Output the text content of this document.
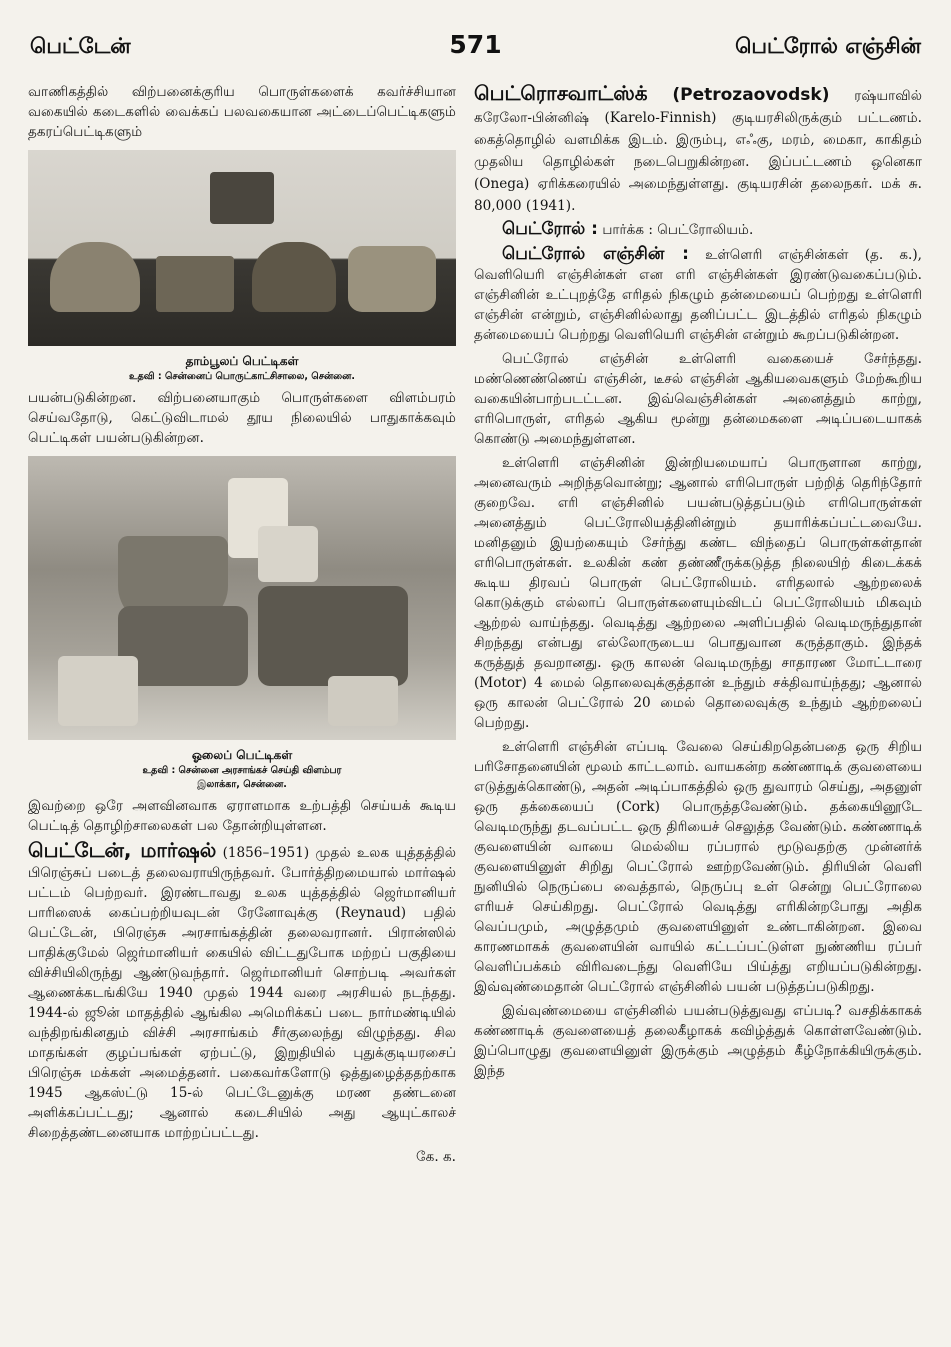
571
பெட்டேன்	பெட்ரோல் எஞ்சின்

வாணிகத்தில் விற்பனைக்குரிய பொருள்களைக் கவர்ச்சியான வகையில் கடைகளில் வைக்கப் பலவகையான அட்டைப்பெட்டிகளும் தகரப்பெட்டிகளும்

தாம்பூலப் பெட்டிகள்
உதவி : சென்னைப் பொருட்காட்சிசாலை, சென்னை.

பயன்படுகின்றன. விற்பனையாகும் பொருள்களை விளம்பரம் செய்வதோடு, கெட்டுவிடாமல் தூய நிலையில் பாதுகாக்கவும் பெட்டிகள் பயன்படுகின்றன.

ஓலைப் பெட்டிகள்
உதவி : சென்னை அரசாங்கச் செய்தி விளம்பர
இலாக்கா, சென்னை.

இவற்றை ஒரே அளவினவாக ஏராளமாக உற்பத்தி செய்யக் கூடிய பெட்டித் தொழிற்சாலைகள் பல தோன்றியுள்ளன.

பெட்டேன், மார்ஷல் (1856–1951) முதல் உலக யுத்தத்தில் பிரெஞ்சுப் படைத் தலைவராயிருந்தவர். போர்த்திறமையால் மார்ஷல் பட்டம் பெற்றவர். இரண்டாவது உலக யுத்தத்தில் ஜெர்மானியர் பாரிஸைக் கைப்பற்றியவுடன் ரேனோவுக்கு (Reynaud) பதில் பெட்டேன், பிரெஞ்சு அரசாங்கத்தின் தலைவரானர். பிரான்ஸில் பாதிக்குமேல் ஜெர்மானியர் கையில் விட்டதுபோக மற்றப் பகுதியை விச்சியிலிருந்து ஆண்டுவந்தார். ஜெர்மானியர் சொற்படி அவர்கள் ஆணைக்கடங்கியே 1940 முதல் 1944 வரை அரசியல் நடந்தது. 1944-ல் ஜூன் மாதத்தில் ஆங்கில அமெரிக்கப் படை நார்மண்டியில் வந்திறங்கினதும் விச்சி அரசாங்கம் சீர்குலைந்து விழுந்தது. சில மாதங்கள் குழப்பங்கள் ஏற்பட்டு, இறுதியில் புதுக்குடியரசைப் பிரெஞ்சு மக்கள் அமைத்தனர். பகைவர்களோடு ஒத்துழைத்ததற்காக 1945 ஆகஸ்ட்டு 15-ல் பெட்டேனுக்கு மரண தண்டனை அளிக்கப்பட்டது; ஆனால் கடைசியில் அது ஆயுட்காலச் சிறைத்தண்டனையாக மாற்றப்பட்டது.

கே. க.

பெட்ரொசவாட்ஸ்க் (Petrozaovodsk) ரஷ்யாவில் கரேலோ-பின்னிஷ் (Karelo-Finnish) குடியரசிலிருக்கும் பட்டணம். கைத்தொழில் வளமிக்க இடம். இரும்பு, எஃகு, மரம், மைகா, காகிதம் முதலிய தொழில்கள் நடைபெறுகின்றன. இப்பட்டணம் ஒனெகா (Onega) ஏரிக்கரையில் அமைந்துள்ளது. குடியரசின் தலைநகர். மக் சு. 80,000 (1941).

பெட்ரோல் : பார்க்க : பெட்ரோலியம்.

பெட்ரோல் எஞ்சின் : உள்ளெரி எஞ்சின்கள் (த. க.), வெளியெரி எஞ்சின்கள் என எரி எஞ்சின்கள் இரண்டுவகைப்படும். எஞ்சினின் உட்புறத்தே எரிதல் நிகழும் தன்மையைப் பெற்றது உள்ளெரி எஞ்சின் என்றும், எஞ்சினில்லாது தனிப்பட்ட இடத்தில் எரிதல் நிகழும் தன்மையைப் பெற்றது வெளியெரி எஞ்சின் என்றும் கூறப்படுகின்றன.

பெட்ரோல் எஞ்சின் உள்ளெரி வகையைச் சேர்ந்தது. மண்ணெண்ணெய் எஞ்சின், டீசல் எஞ்சின் ஆகியவைகளும் மேற்கூறிய வகையின்பாற்படட்டன. இவ்வெஞ்சின்கள் அனைத்தும் காற்று, எரிபொருள், எரிதல் ஆகிய மூன்று தன்மைகளை அடிப்படையாகக் கொண்டு அமைந்துள்ளன.

உள்ளெரி எஞ்சினின் இன்றியமையாப் பொருளான காற்று, அனைவரும் அறிந்தவொன்று; ஆனால் எரிபொருள் பற்றித் தெரிந்தோர் குறைவே. எரி எஞ்சினில் பயன்படுத்தப்படும் எரிபொருள்கள் அனைத்தும் பெட்ரோலியத்தினின்றும் தயாரிக்கப்பட்டவையே. மனிதனும் இயற்கையும் சேர்ந்து கண்ட விந்தைப் பொருள்கள்தான் எரிபொருள்கள். உலகின் கண் தண்ணீருக்கடுத்த நிலையிற் கிடைக்கக் கூடிய திரவப் பொருள் பெட்ரோலியம். எரிதலால் ஆற்றலைக் கொடுக்கும் எல்லாப் பொருள்களையும்விடப் பெட்ரோலியம் மிகவும் ஆற்றல் வாய்ந்தது. வெடித்து ஆற்றலை அளிப்பதில் வெடிமருந்துதான் சிறந்தது என்பது எல்லோருடைய பொதுவான கருத்தாகும். இந்தக் கருத்துத் தவறானது. ஒரு காலன் வெடிமருந்து சாதாரண மோட்டாரை (Motor) 4 மைல் தொலைவுக்குத்தான் உந்தும் சக்திவாய்ந்தது; ஆனால் ஒரு காலன் பெட்ரோல் 20 மைல் தொலைவுக்கு உந்தும் ஆற்றலைப் பெற்றது.

உள்ளெரி எஞ்சின் எப்படி வேலை செய்கிறதென்பதை ஒரு சிறிய பரிசோதனையின் மூலம் காட்டலாம். வாயகன்ற கண்ணாடிக் குவளையை எடுத்துக்கொண்டு, அதன் அடிப்பாகத்தில் ஒரு துவாரம் செய்து, அதனுள் ஒரு தக்கையைப் (Cork) பொருத்தவேண்டும். தக்கையினூடே வெடிமருந்து தடவப்பட்ட ஒரு திரியைச் செலுத்த வேண்டும். கண்ணாடிக் குவளையின் வாயை மெல்லிய ரப்பரால் மூடுவதற்கு முன்னர்க் குவளையினுள் சிறிது பெட்ரோல் ஊற்றவேண்டும். திரியின் வெளி நுனியில் நெருப்பை வைத்தால், நெருப்பு உள் சென்று பெட்ரோலை எரியச் செய்கிறது. பெட்ரோல் வெடித்து எரிகின்றபோது அதிக வெப்பமும், அழுத்தமும் குவளையினுள் உண்டாகின்றன. இவை காரணமாகக் குவளையின் வாயில் கட்டப்பட்டுள்ள நுண்ணிய ரப்பர் வெளிப்பக்கம் விரிவடைந்து வெளியே பிய்த்து எறியப்படுகின்றது. இவ்வுண்மைதான் பெட்ரோல் எஞ்சினில் பயன் படுத்தப்படுகிறது.

இவ்வுண்மையை எஞ்சினில் பயன்படுத்துவது எப்படி? வசதிக்காகக் கண்ணாடிக் குவளையைத் தலைகீழாகக் கவிழ்த்துக் கொள்ளவேண்டும். இப்பொழுது குவளையினுள் இருக்கும் அழுத்தம் கீழ்நோக்கியிருக்கும். இந்த
